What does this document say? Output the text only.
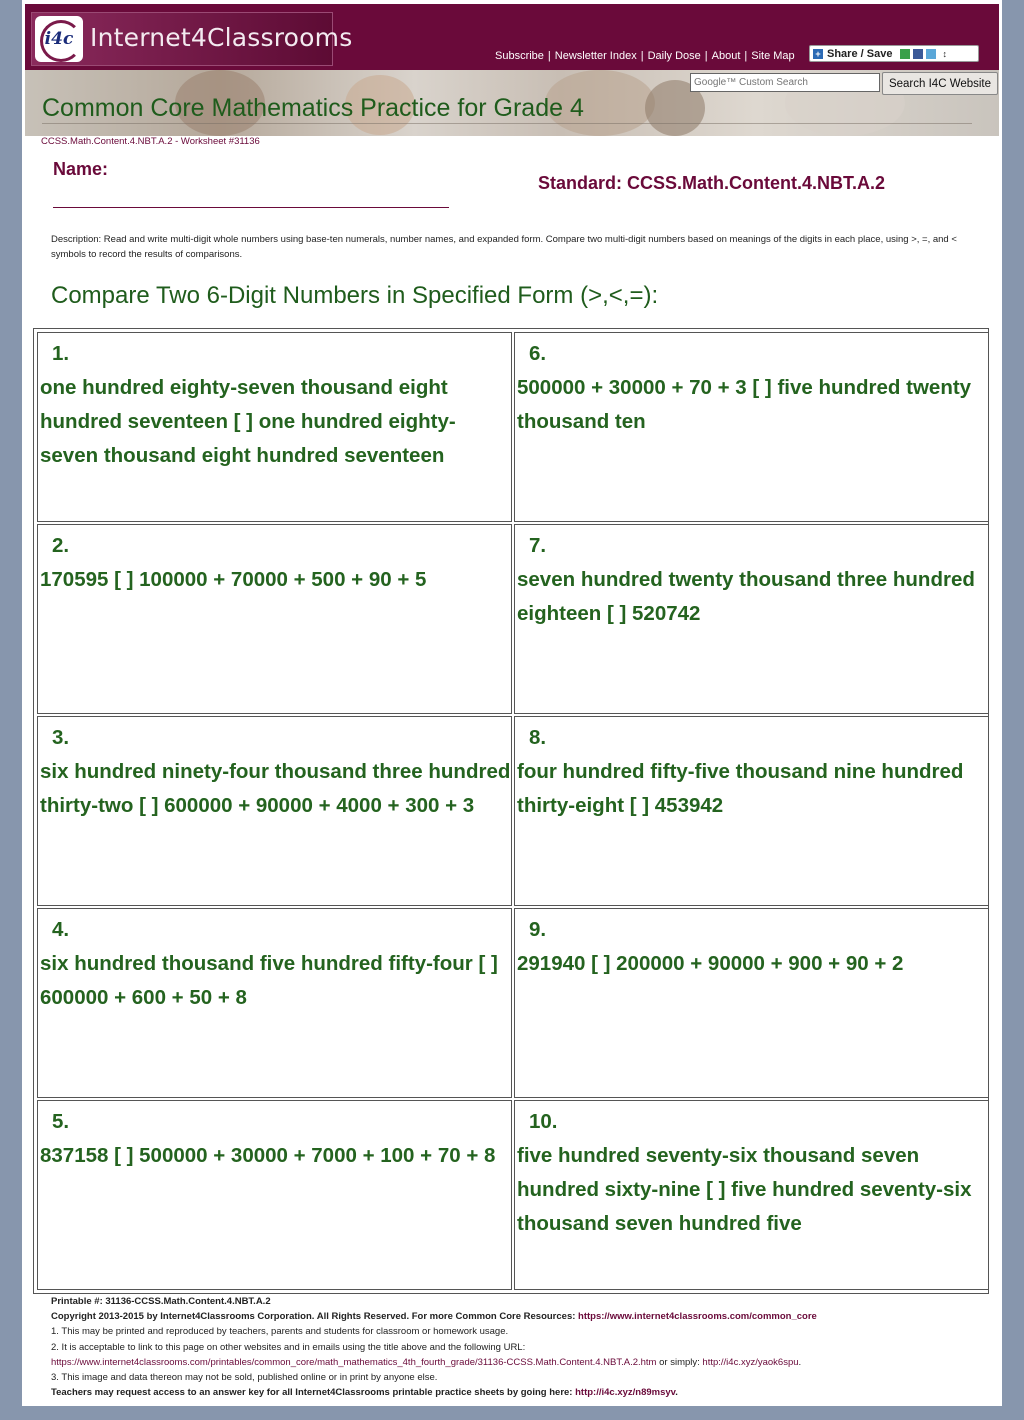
i4c Internet4Classrooms
Subscribe | Newsletter Index | Daily Dose | About | Site Map + Share / Save	↕
Common Core Mathematics Practice for Grade 4
Google™ Custom Search
Search I4C Website
CCSS.Math.Content.4.NBT.A.2 - Worksheet #31136
Name:
Standard: CCSS.Math.Content.4.NBT.A.2
Description: Read and write multi-digit whole numbers using base-ten numerals, number names, and expanded form. Compare two multi-digit numbers based on meanings of the digits in each place, using >, =, and < symbols to record the results of comparisons.
Compare Two 6-Digit Numbers in Specified Form (>,<,=):
1.
one hundred eighty-seven thousand eight hundred seventeen [ ] one hundred eighty-seven thousand eight hundred seventeen
6.
500000 + 30000 + 70 + 3 [ ] five hundred twenty thousand ten
2.
170595 [ ] 100000 + 70000 + 500 + 90 + 5
7.
seven hundred twenty thousand three hundred eighteen [ ] 520742
3.
six hundred ninety-four thousand three hundred thirty-two [ ] 600000 + 90000 + 4000 + 300 + 3
8.
four hundred fifty-five thousand nine hundred thirty-eight [ ] 453942
4.
six hundred thousand five hundred fifty-four [ ] 600000 + 600 + 50 + 8
9.
291940 [ ] 200000 + 90000 + 900 + 90 + 2
5.
837158 [ ] 500000 + 30000 + 7000 + 100 + 70 + 8
10.
five hundred seventy-six thousand seven hundred sixty-nine [ ] five hundred seventy-six thousand seven hundred five
Printable #: 31136-CCSS.Math.Content.4.NBT.A.2
Copyright 2013-2015 by Internet4Classrooms Corporation. All Rights Reserved. For more Common Core Resources: https://www.internet4classrooms.com/common_core
1. This may be printed and reproduced by teachers, parents and students for classroom or homework usage.
2. It is acceptable to link to this page on other websites and in emails using the title above and the following URL:
https://www.internet4classrooms.com/printables/common_core/math_mathematics_4th_fourth_grade/31136-CCSS.Math.Content.4.NBT.A.2.htm or simply: http://i4c.xyz/yaok6spu.
3. This image and data thereon may not be sold, published online or in print by anyone else.
Teachers may request access to an answer key for all Internet4Classrooms printable practice sheets by going here: http://i4c.xyz/n89msyv.
